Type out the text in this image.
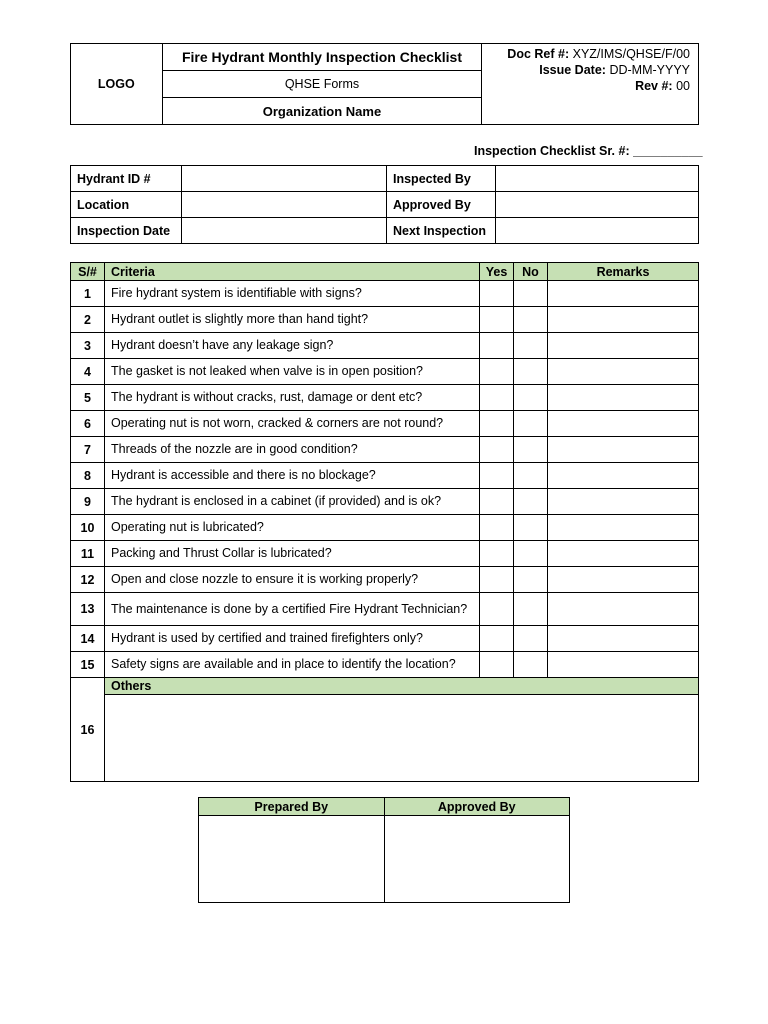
LOGO	Fire Hydrant Monthly Inspection Checklist	Doc Ref #: XYZ/IMS/QHSE/F/00
Issue Date: DD-MM-YYYY
Rev #: 00

QHSE Forms
Organization Name
Inspection Checklist Sr. #: __________
Hydrant ID #		Inspected By	
Location		Approved By	
Inspection Date		Next Inspection	
S/#	Criteria	Yes	No	Remarks
1	Fire hydrant system is identifiable with signs?			
2	Hydrant outlet is slightly more than hand tight?			
3	Hydrant doesn’t have any leakage sign?			
4	The gasket is not leaked when valve is in open position?			
5	The hydrant is without cracks, rust, damage or dent etc?			
6	Operating nut is not worn, cracked & corners are not round?			
7	Threads of the nozzle are in good condition?			
8	Hydrant is accessible and there is no blockage?			
9	The hydrant is enclosed in a cabinet (if provided) and is ok?			
10	Operating nut is lubricated?			
11	Packing and Thrust Collar is lubricated?			
12	Open and close nozzle to ensure it is working properly?			
13	The maintenance is done by a certified Fire Hydrant Technician?			
14	Hydrant is used by certified and trained firefighters only?			
15	Safety signs are available and in place to identify the location?			
16	Others			

Prepared By	Approved By
